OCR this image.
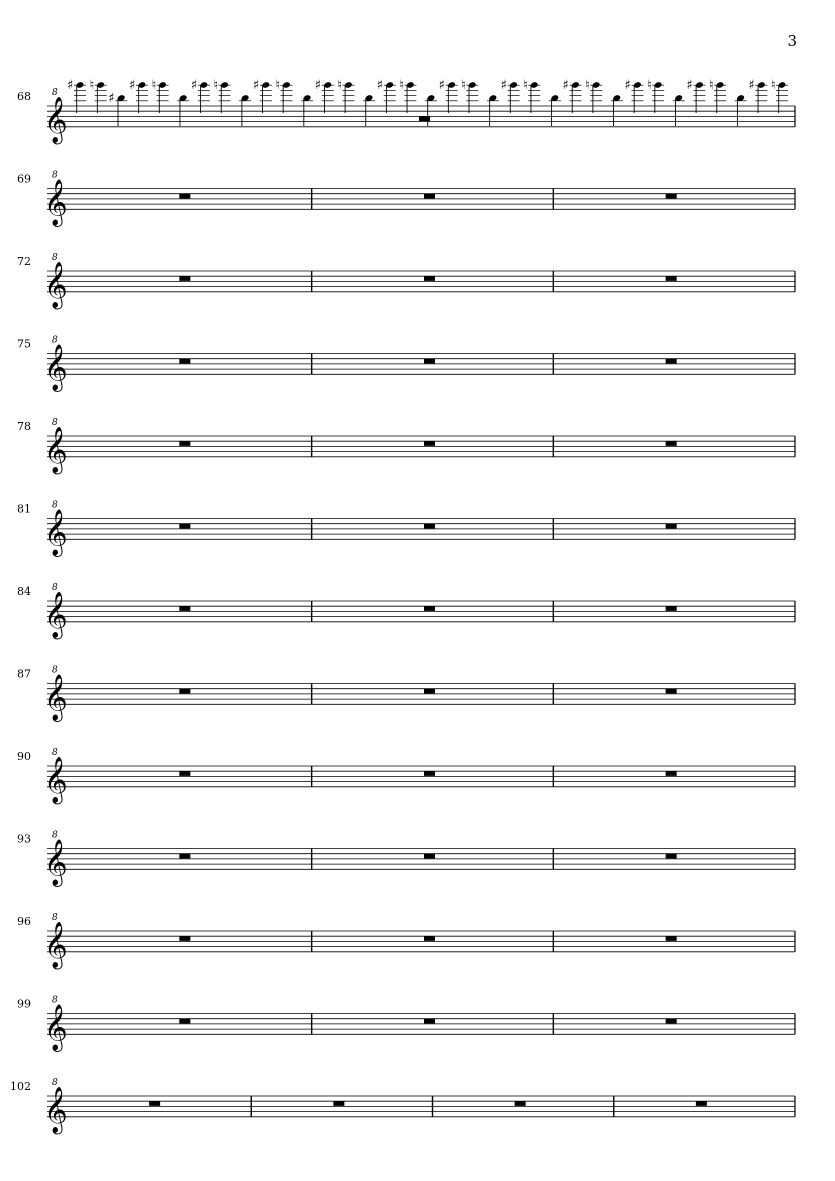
3
68 8
𝄞
♯ ♮
♯
♯ ♮	♯ ♮	♯ ♮	♯ ♮	♯ ♮	♯ ♮	♯ ♮	♯ ♮	♯ ♮	♯ ♮	♯ ♮
69 8
𝄞
72 8
𝄞
75 8
𝄞
78 8
𝄞
81 8
𝄞
84 8
𝄞
87 8
𝄞
90 8
𝄞
93 8
𝄞
96 8
𝄞
99 8
𝄞
102 8
𝄞
